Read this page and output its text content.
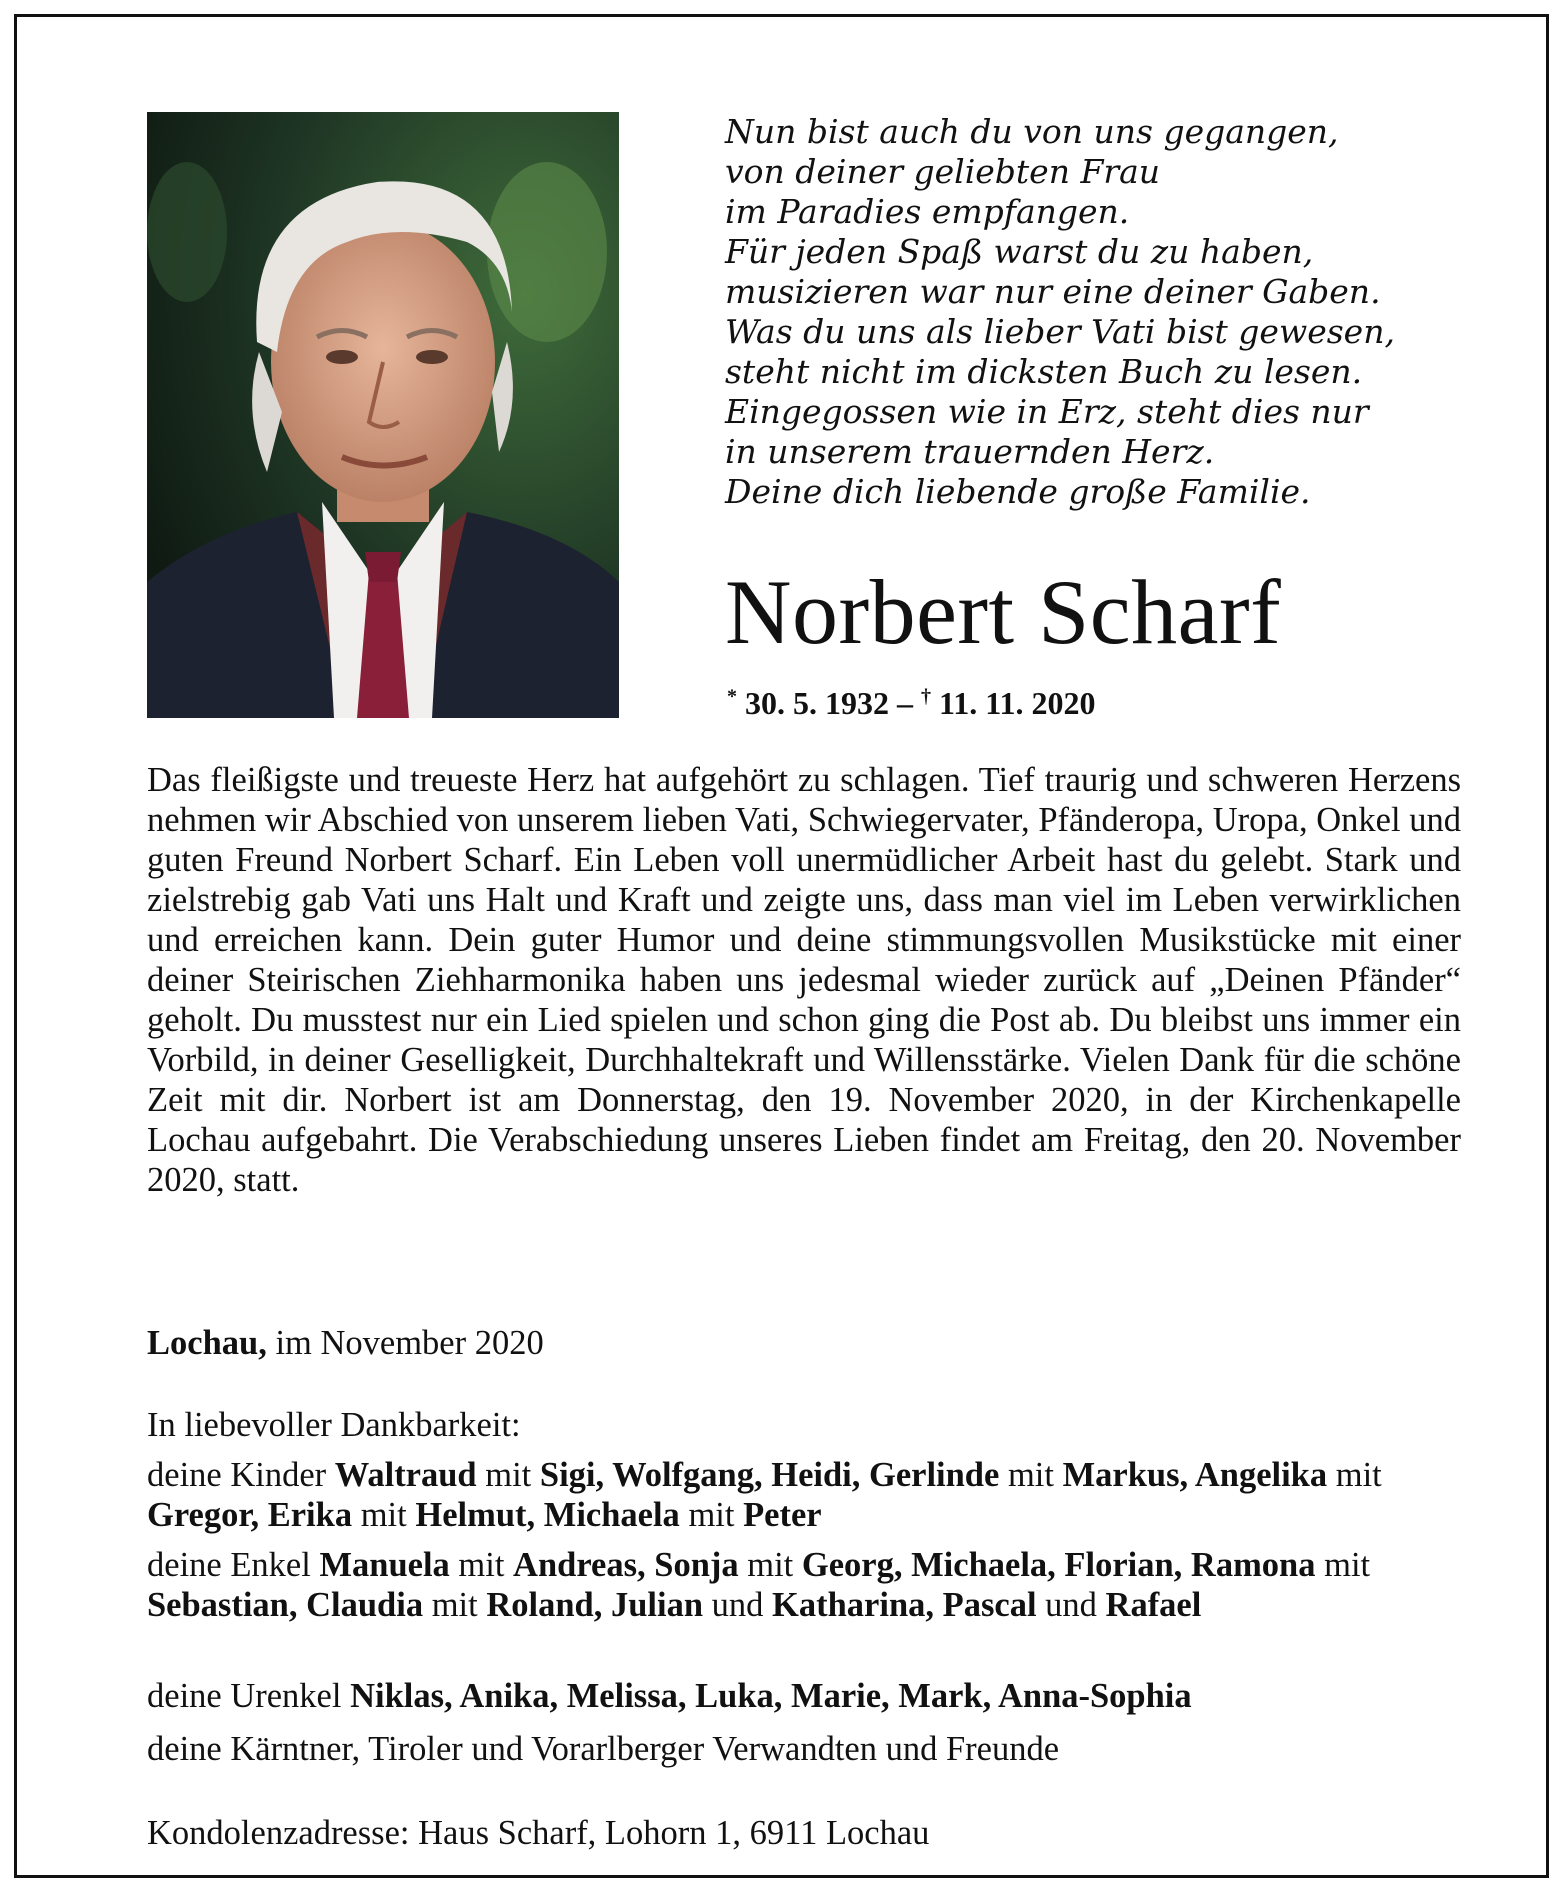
Nun bist auch du von uns gegangen,
von deiner geliebten Frau
im Paradies empfangen.
Für jeden Spaß warst du zu haben,
musizieren war nur eine deiner Gaben.
Was du uns als lieber Vati bist gewesen,
steht nicht im dicksten Buch zu lesen.
Eingegossen wie in Erz, steht dies nur
in unserem trauernden Herz.
Deine dich liebende große Familie.
Norbert Scharf
* 30. 5. 1932 – † 11. 11. 2020
Das fleißigste und treueste Herz hat aufgehört zu schlagen. Tief traurig und schweren Herzens nehmen wir Abschied von unserem lieben Vati, Schwiegervater, Pfänderopa, Uropa, Onkel und guten Freund Norbert Scharf. Ein Leben voll unermüdlicher Arbeit hast du gelebt. Stark und zielstrebig gab Vati uns Halt und Kraft und zeigte uns, dass man viel im Leben verwirklichen und erreichen kann. Dein guter Humor und deine stimmungsvollen Musikstücke mit einer deiner Steirischen Ziehharmonika haben uns jedesmal wieder zurück auf „Deinen Pfänder“ geholt. Du musstest nur ein Lied spielen und schon ging die Post ab. Du bleibst uns immer ein Vorbild, in deiner Geselligkeit, Durchhaltekraft und Willensstärke. Vielen Dank für die schöne Zeit mit dir. Norbert ist am Donnerstag, den 19. November 2020, in der Kirchenkapelle Lochau aufgebahrt. Die Verabschiedung unseres Lieben findet am Freitag, den 20. November 2020, statt.
Lochau, im November 2020
In liebevoller Dankbarkeit:
deine Kinder Waltraud mit Sigi, Wolfgang, Heidi, Gerlinde mit Markus, Angelika mit Gregor, Erika mit Helmut, Michaela mit Peter
deine Enkel Manuela mit Andreas, Sonja mit Georg, Michaela, Florian, Ramona mit Sebastian, Claudia mit Roland, Julian und Katharina, Pascal und Rafael
deine Urenkel Niklas, Anika, Melissa, Luka, Marie, Mark, Anna-Sophia
deine Kärntner, Tiroler und Vorarlberger Verwandten und Freunde
Kondolenzadresse: Haus Scharf, Lohorn 1, 6911 Lochau
